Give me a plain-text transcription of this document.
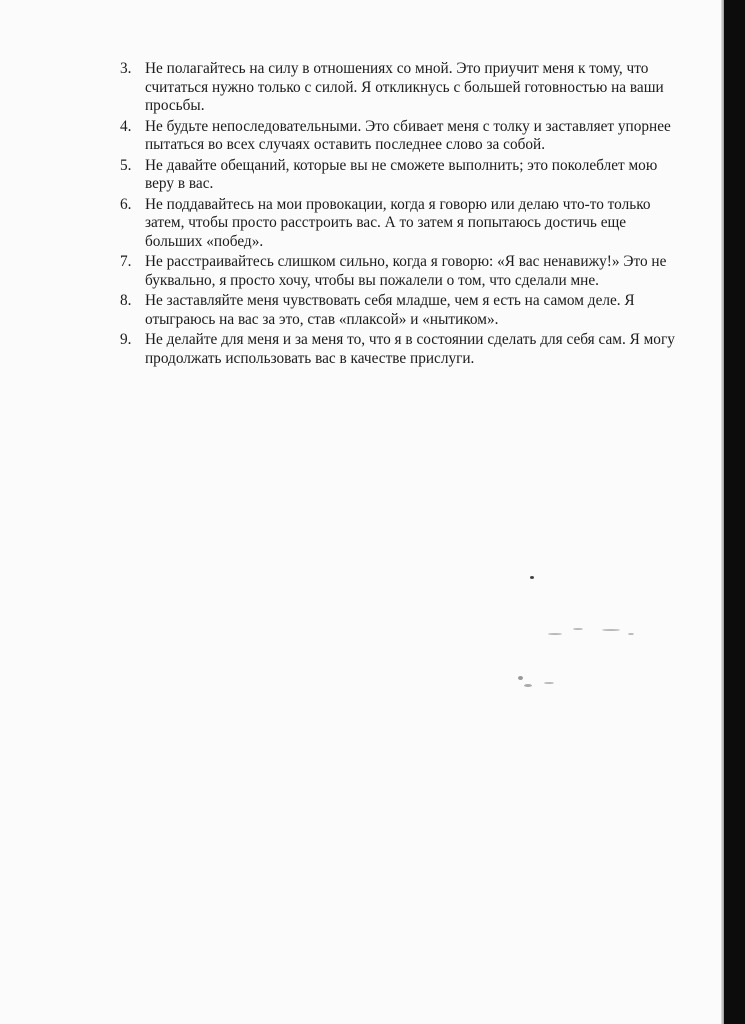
3. Не полагайтесь на силу в отношениях со мной. Это приучит меня к тому, что считаться нужно только с силой. Я откликнусь с большей готовностью на ваши просьбы.
4. Не будьте непоследовательными. Это сбивает меня с толку и заставляет упорнее пытаться во всех случаях оставить последнее слово за собой.
5. Не давайте обещаний, которые вы не сможете выполнить; это поколеблет мою веру в вас.
6. Не поддавайтесь на мои провокации, когда я говорю или делаю что-то только затем, чтобы просто расстроить вас. А то затем я попытаюсь достичь еще больших «побед».
7. Не расстраивайтесь слишком сильно, когда я говорю: «Я вас ненавижу!» Это не буквально, я просто хочу, чтобы вы пожалели о том, что сделали мне.
8. Не заставляйте меня чувствовать себя младше, чем я есть на самом деле. Я отыграюсь на вас за это, став «плаксой» и «нытиком».
9. Не делайте для меня и за меня то, что я в состоянии сделать для себя сам. Я могу продолжать использовать вас в качестве прислуги.
